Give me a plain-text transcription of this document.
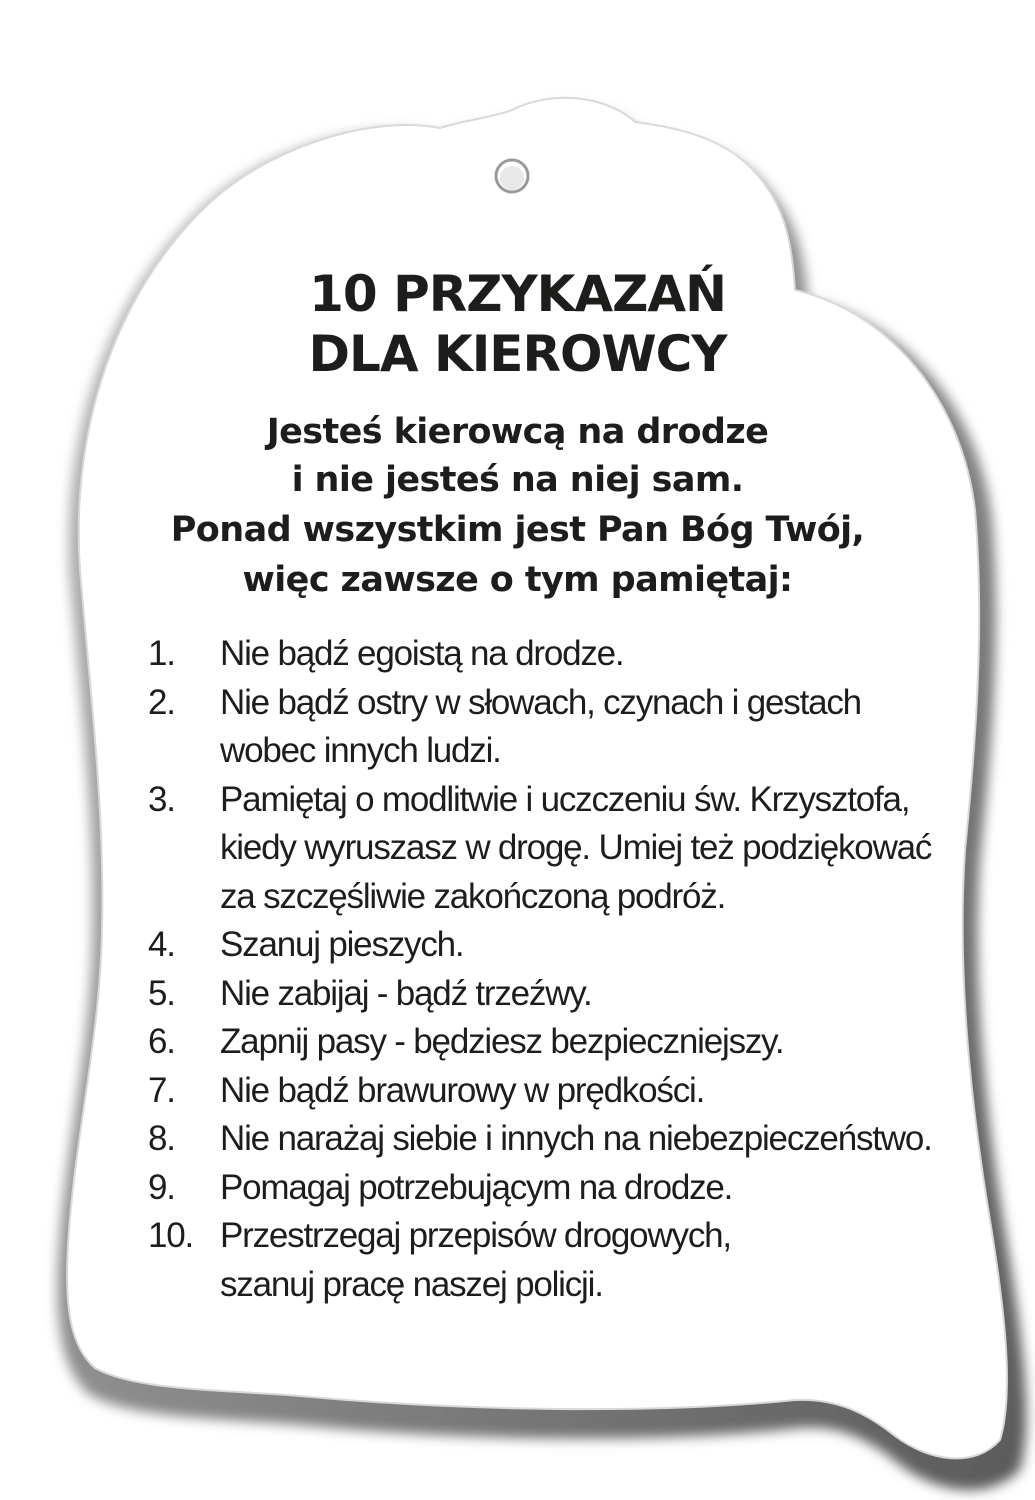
10 PRZYKAZAŃ
DLA KIEROWCY
Jesteś kierowcą na drodze
i nie jesteś na niej sam.
Ponad wszystkim jest Pan Bóg Twój,
więc zawsze o tym pamiętaj:
1.	Nie bądź egoistą na drodze.
2.	Nie bądź ostry w słowach, czynach i gestach
wobec innych ludzi.
3.	Pamiętaj o modlitwie i uczczeniu św. Krzysztofa,
kiedy wyruszasz w drogę. Umiej też podziękować
za szczęśliwie zakończoną podróż.
4.	Szanuj pieszych.
5.	Nie zabijaj - bądź trzeźwy.
6.	Zapnij pasy - będziesz bezpieczniejszy.
7.	Nie bądź brawurowy w prędkości.
8.	Nie narażaj siebie i innych na niebezpieczeństwo.
9.	Pomagaj potrzebującym na drodze.
10. Przestrzegaj przepisów drogowych,
szanuj pracę naszej policji.
